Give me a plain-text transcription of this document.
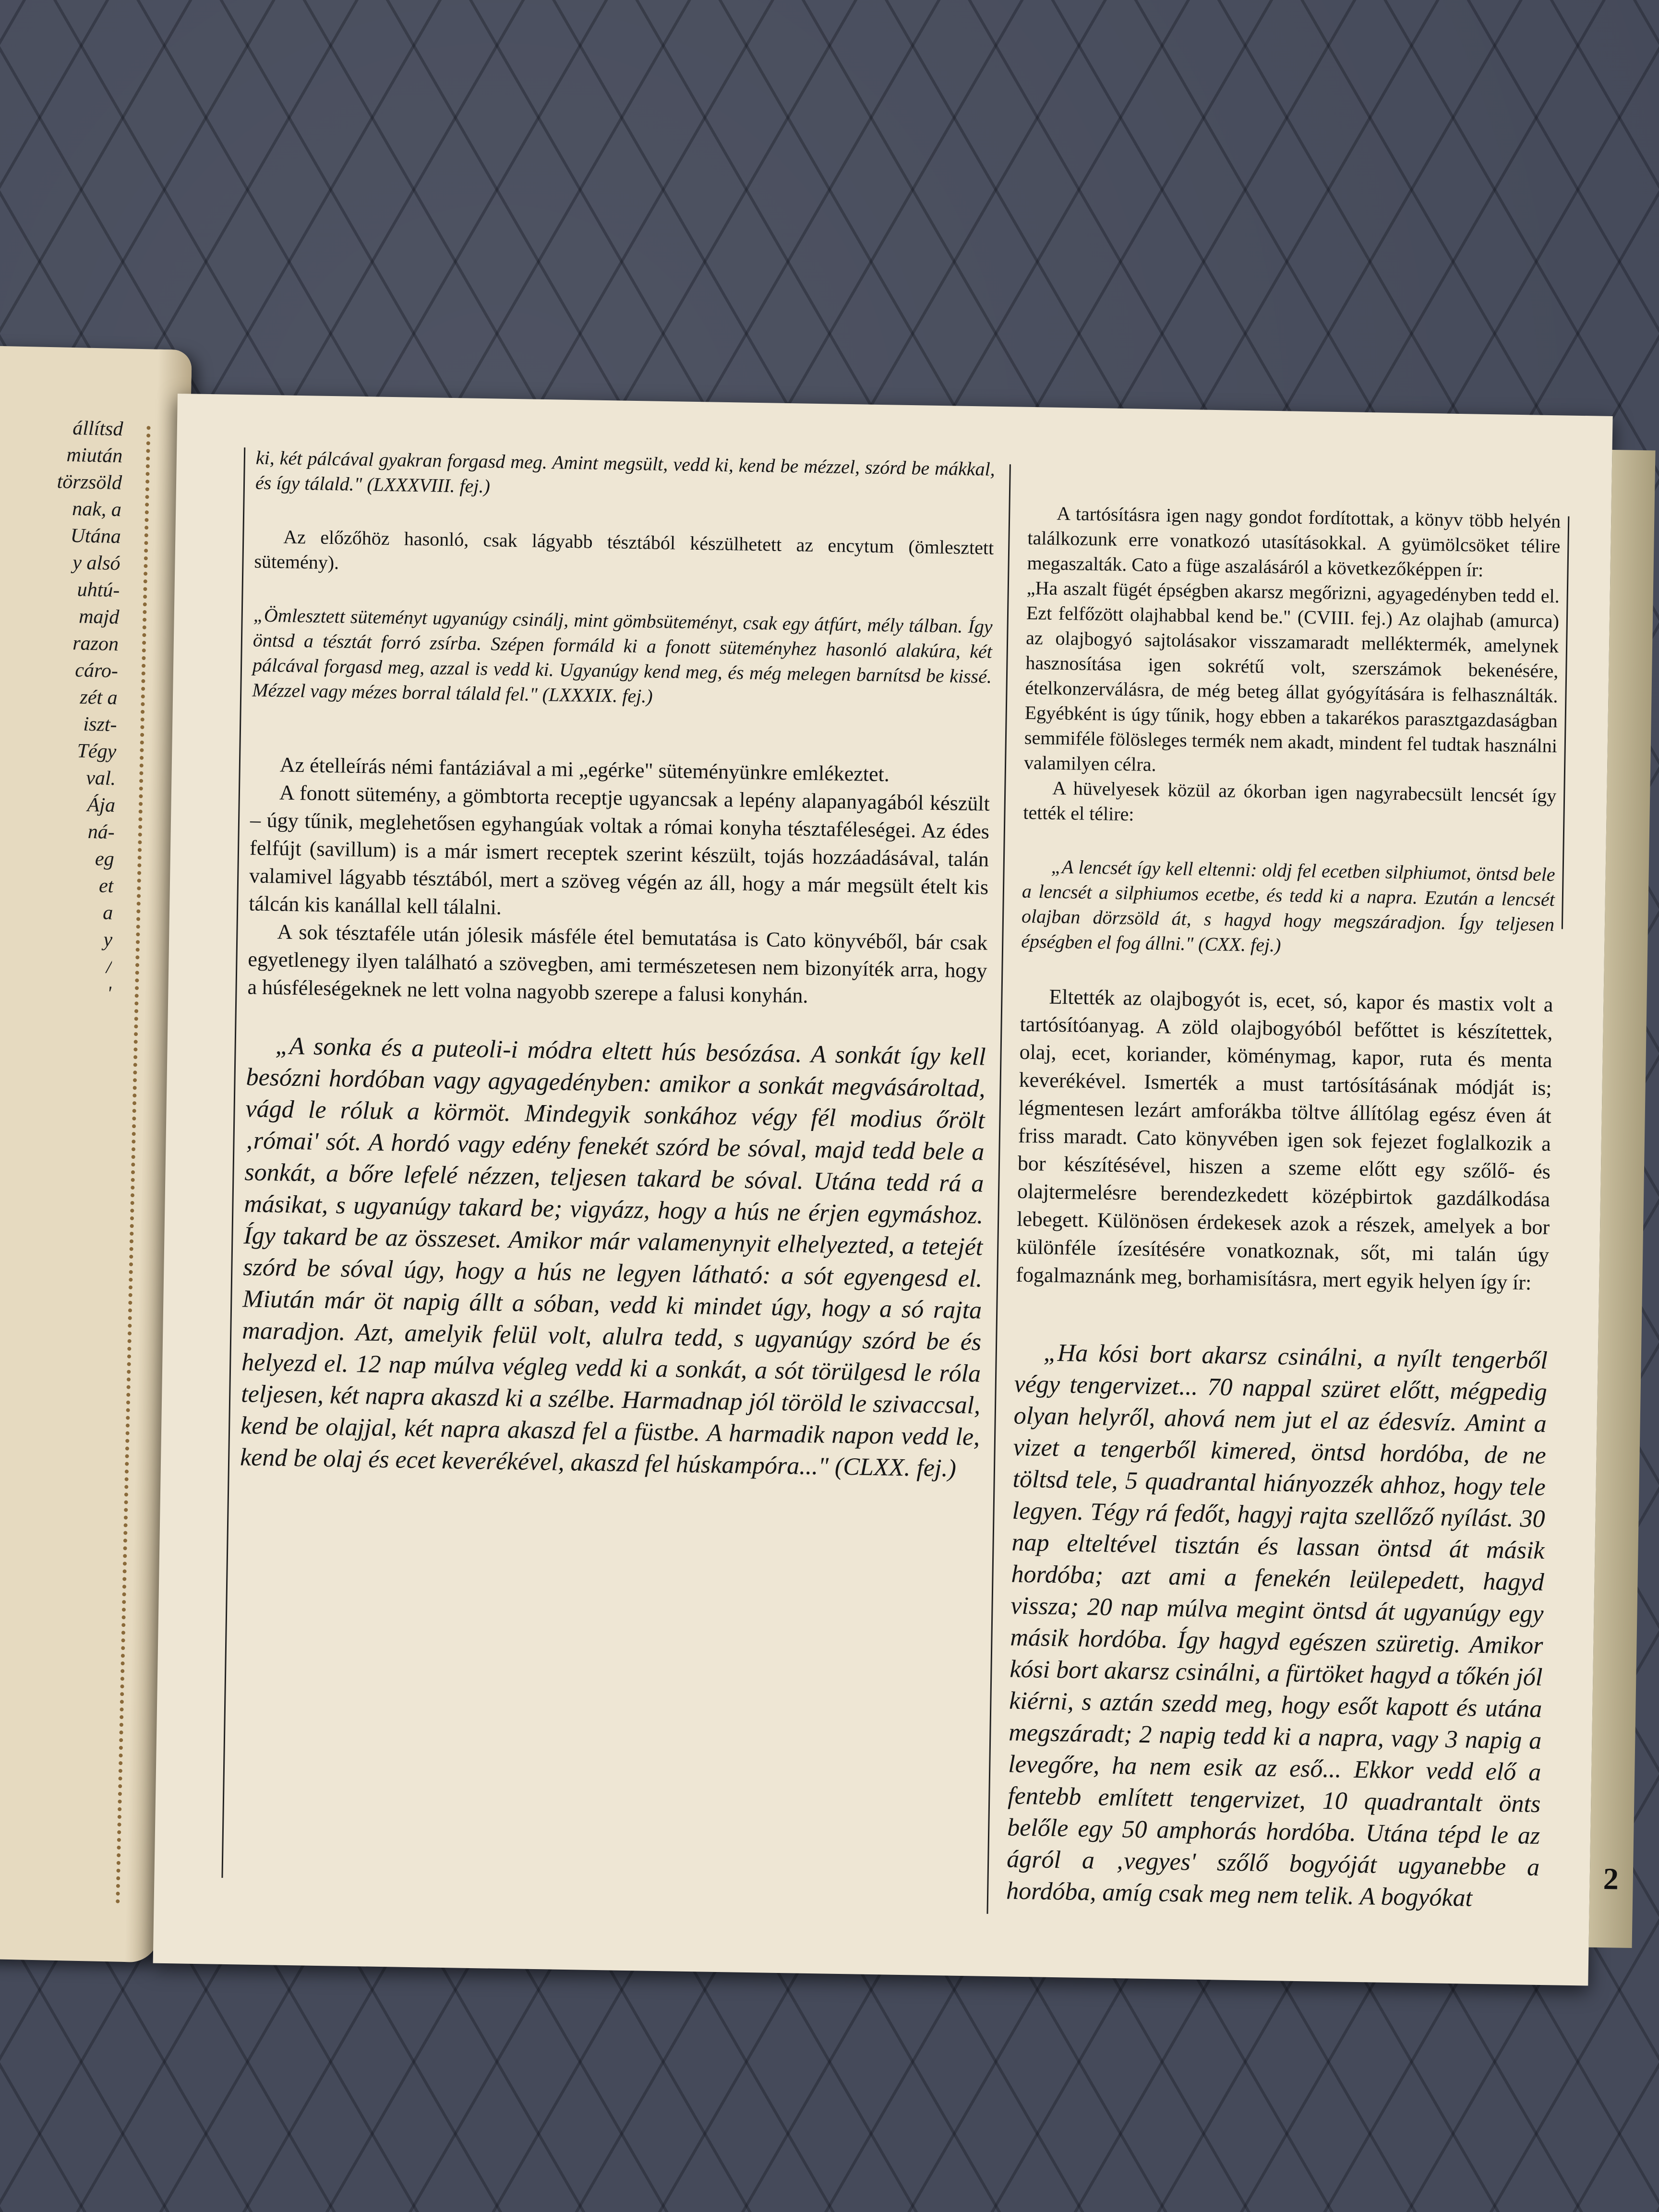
állítsd
miután
törzsöld
nak, a
Utána
y alsó
uhtú-
majd
razon
cáro-
zét a
iszt-
Tégy
val.
Ája
ná-
eg
et
a
y
/
'

ki, két pálcával gyakran forgasd meg. Amint megsült, vedd ki, kend be mézzel, szórd be mákkal, és így tálald." (LXXXVIII. fej.)

Az előzőhöz hasonló, csak lágyabb tésztából készülhetett az encytum (ömlesztett sütemény).

„Ömlesztett süteményt ugyanúgy csinálj, mint gömbsüteményt, csak egy átfúrt, mély tálban. Így öntsd a tésztát forró zsírba. Szépen formáld ki a fonott süteményhez hasonló alakúra, két pálcával forgasd meg, azzal is vedd ki. Ugyanúgy kend meg, és még melegen barnítsd be kissé. Mézzel vagy mézes borral tálald fel." (LXXXIX. fej.)

Az ételleírás némi fantáziával a mi „egérke" süteményünkre emlékeztet.

A fonott sütemény, a gömbtorta receptje ugyancsak a lepény alapanyagából készült – úgy tűnik, meglehetősen egyhangúak voltak a római konyha tésztaféleségei. Az édes felfújt (savillum) is a már ismert receptek szerint készült, tojás hozzáadásával, talán valamivel lágyabb tésztából, mert a szöveg végén az áll, hogy a már megsült ételt kis tálcán kis kanállal kell tálalni.

A sok tésztaféle után jólesik másféle étel bemutatása is Cato könyvéből, bár csak egyetlenegy ilyen található a szövegben, ami természetesen nem bizonyíték arra, hogy a húsféleségeknek ne lett volna nagyobb szerepe a falusi konyhán.

„A sonka és a puteoli-i módra eltett hús besózása. A sonkát így kell besózni hordóban vagy agyagedényben: amikor a sonkát megvásároltad, vágd le róluk a körmöt. Mindegyik sonkához végy fél modius őrölt ‚római' sót. A hordó vagy edény fenekét szórd be sóval, majd tedd bele a sonkát, a bőre lefelé nézzen, teljesen takard be sóval. Utána tedd rá a másikat, s ugyanúgy takard be; vigyázz, hogy a hús ne érjen egymáshoz. Így takard be az összeset. Amikor már valamenynyit elhelyezted, a tetejét szórd be sóval úgy, hogy a hús ne legyen látható: a sót egyengesd el. Miután már öt napig állt a sóban, vedd ki mindet úgy, hogy a só rajta maradjon. Azt, amelyik felül volt, alulra tedd, s ugyanúgy szórd be és helyezd el. 12 nap múlva végleg vedd ki a sonkát, a sót törülgesd le róla teljesen, két napra akaszd ki a szélbe. Harmadnap jól töröld le szivaccsal, kend be olajjal, két napra akaszd fel a füstbe. A harmadik napon vedd le, kend be olaj és ecet keverékével, akaszd fel húskampóra..." (CLXX. fej.)

A tartósításra igen nagy gondot fordítottak, a könyv több helyén találkozunk erre vonatkozó utasításokkal. A gyümölcsöket télire megaszalták. Cato a füge aszalásáról a következőképpen ír:

„Ha aszalt fügét épségben akarsz megőrizni, agyagedényben tedd el. Ezt felfőzött olajhabbal kend be." (CVIII. fej.) Az olajhab (amurca) az olajbogyó sajtolásakor visszamaradt melléktermék, amelynek hasznosítása igen sokrétű volt, szerszámok bekenésére, ételkonzerválásra, de még beteg állat gyógyítására is felhasználták. Egyébként is úgy tűnik, hogy ebben a takarékos parasztgazdaságban semmiféle fölösleges termék nem akadt, mindent fel tudtak használni valamilyen célra.

A hüvelyesek közül az ókorban igen nagyrabecsült lencsét így tették el télire:

„A lencsét így kell eltenni: oldj fel ecetben silphiumot, öntsd bele a lencsét a silphiumos ecetbe, és tedd ki a napra. Ezután a lencsét olajban dörzsöld át, s hagyd hogy megszáradjon. Így teljesen épségben el fog állni." (CXX. fej.)

Eltették az olajbogyót is, ecet, só, kapor és mastix volt a tartósítóanyag. A zöld olajbogyóból befőttet is készítettek, olaj, ecet, koriander, köménymag, kapor, ruta és menta keverékével. Ismerték a must tartósításának módját is; légmentesen lezárt amforákba töltve állítólag egész éven át friss maradt. Cato könyvében igen sok fejezet foglalkozik a bor készítésével, hiszen a szeme előtt egy szőlő- és olajtermelésre berendezkedett középbirtok gazdálkodása lebegett. Különösen érdekesek azok a részek, amelyek a bor különféle ízesítésére vonatkoznak, sőt, mi talán úgy fogalmaznánk meg, borhamisításra, mert egyik helyen így ír:

„Ha kósi bort akarsz csinálni, a nyílt tengerből végy tengervizet... 70 nappal szüret előtt, mégpedig olyan helyről, ahová nem jut el az édesvíz. Amint a vizet a tengerből kimered, öntsd hordóba, de ne töltsd tele, 5 quadrantal hiányozzék ahhoz, hogy tele legyen. Tégy rá fedőt, hagyj rajta szellőző nyílást. 30 nap elteltével tisztán és lassan öntsd át másik hordóba; azt ami a fenekén leülepedett, hagyd vissza; 20 nap múlva megint öntsd át ugyanúgy egy másik hordóba. Így hagyd egészen szüretig. Amikor kósi bort akarsz csinálni, a fürtöket hagyd a tőkén jól kiérni, s aztán szedd meg, hogy esőt kapott és utána megszáradt; 2 napig tedd ki a napra, vagy 3 napig a levegőre, ha nem esik az eső... Ekkor vedd elő a fentebb említett tengervizet, 10 quadrantalt önts belőle egy 50 amphorás hordóba. Utána tépd le az ágról a ‚vegyes' szőlő bogyóját ugyanebbe a hordóba, amíg csak meg nem telik. A bogyókat	2
